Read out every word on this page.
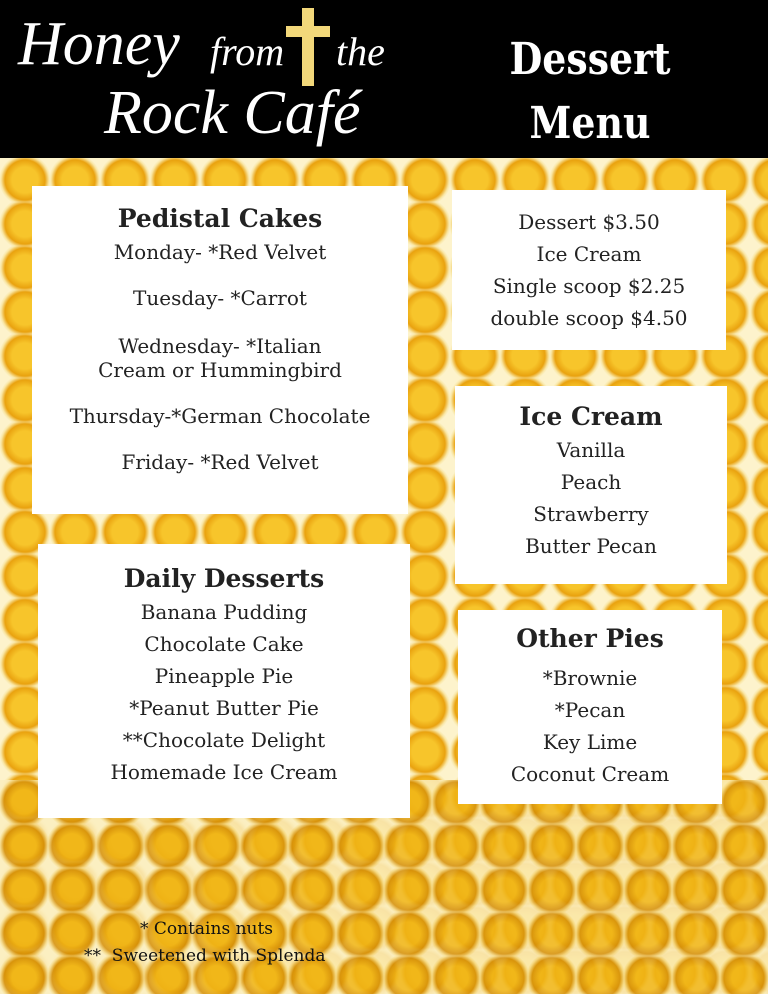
Honey from the
Rock Café
Dessert Menu
Pedistal Cakes
Monday- *Red Velvet
Tuesday- *Carrot
Wednesday- *Italian
Cream or Hummingbird
Thursday-*German Chocolate
Friday- *Red Velvet
Daily Desserts
Banana Pudding
Chocolate Cake
Pineapple Pie
*Peanut Butter Pie
**Chocolate Delight
Homemade Ice Cream
Dessert $3.50
Ice Cream
Single scoop $2.25
double scoop $4.50
Ice Cream
Vanilla
Peach
Strawberry
Butter Pecan
Other Pies
*Brownie
*Pecan
Key Lime
Coconut Cream
* Contains nuts
**  Sweetened with Splenda
